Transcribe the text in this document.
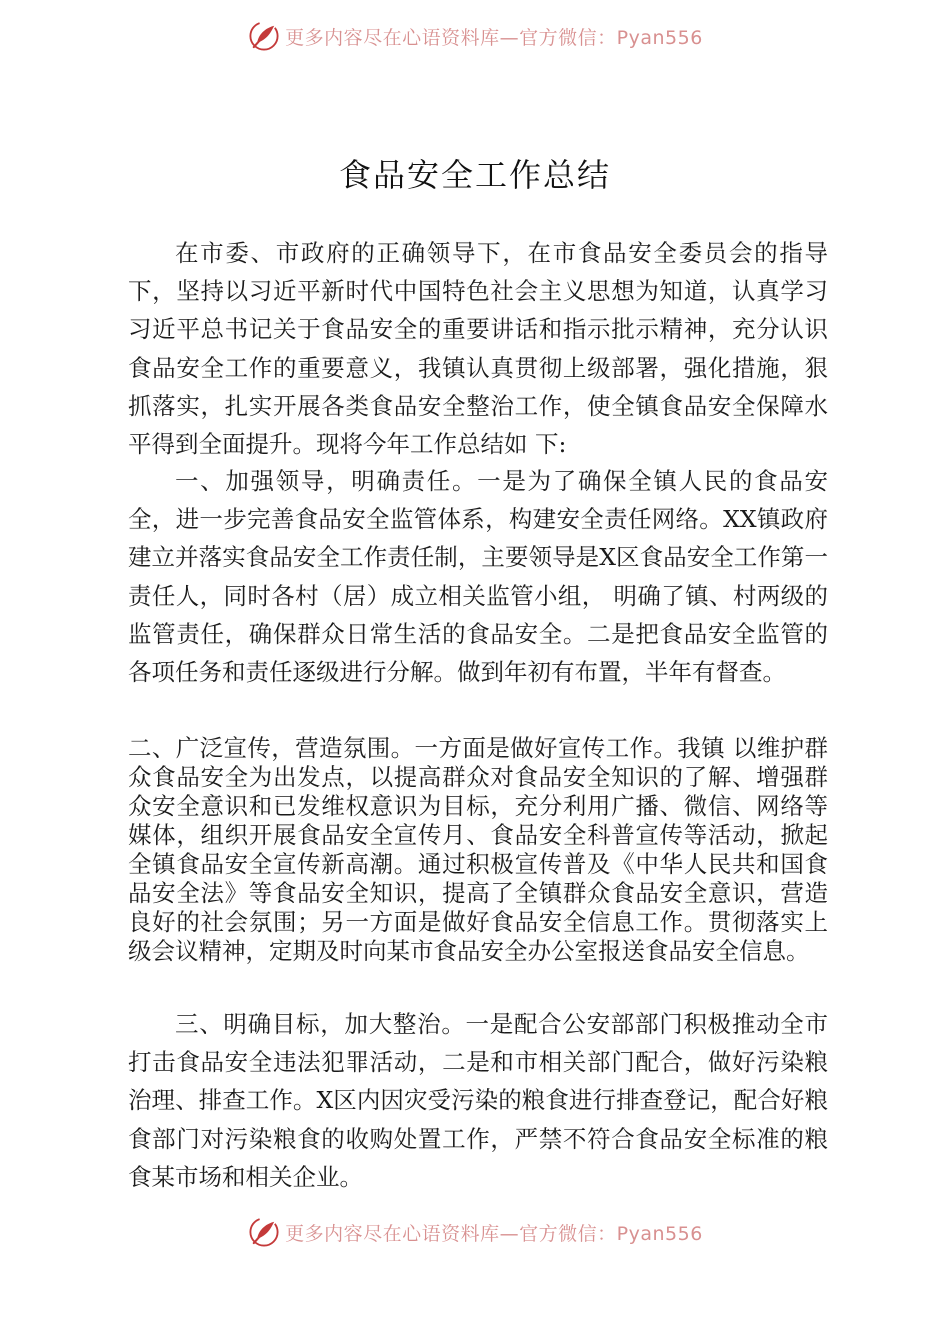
更多内容尽在心语资料库—官方微信：Pyan556
食品安全工作总结

在市委、市政府的正确领导下，在市食品安全委员会的指导下，坚持以习近平新时代中国特色社会主义思想为知道，认真学习习近平总书记关于食品安全的重要讲话和指示批示精神，充分认识食品安全工作的重要意义，我镇认真贯彻上级部署，强化措施，狠抓落实，扎实开展各类食品安全整治工作，使全镇食品安全保障水平得到全面提升。现将今年工作总结如 下:

一、加强领导，明确责任。一是为了确保全镇人民的食品安全，进一步完善食品安全监管体系，构建安全责任网络。XX镇政府建立并落实食品安全工作责任制，主要领导是X区食品安全工作第一责任人，同时各村（居）成立相关监管小组， 明确了镇、村两级的监管责任，确保群众日常生活的食品安全。二是把食品安全监管的各项任务和责任逐级进行分解。做到年初有布置，半年有督查。

二、广泛宣传，营造氛围。一方面是做好宣传工作。我镇 以维护群众食品安全为出发点，以提高群众对食品安全知识的了解、增强群众安全意识和已发维权意识为目标，充分利用广播、微信、网络等媒体，组织开展食品安全宣传月、食品安全科普宣传等活动，掀起全镇食品安全宣传新高潮。通过积极宣传普及《中华人民共和国食品安全法》等食品安全知识，提高了全镇群众食品安全意识，营造良好的社会氛围；另一方面是做好食品安全信息工作。贯彻落实上级会议精神，定期及时向某市食品安全办公室报送食品安全信息。

三、明确目标，加大整治。一是配合公安部部门积极推动全市打击食品安全违法犯罪活动，二是和市相关部门配合，做好污染粮治理、排查工作。X区内因灾受污染的粮食进行排查登记，配合好粮食部门对污染粮食的收购处置工作，严禁不符合食品安全标准的粮食某市场和相关企业。

更多内容尽在心语资料库—官方微信：Pyan556
